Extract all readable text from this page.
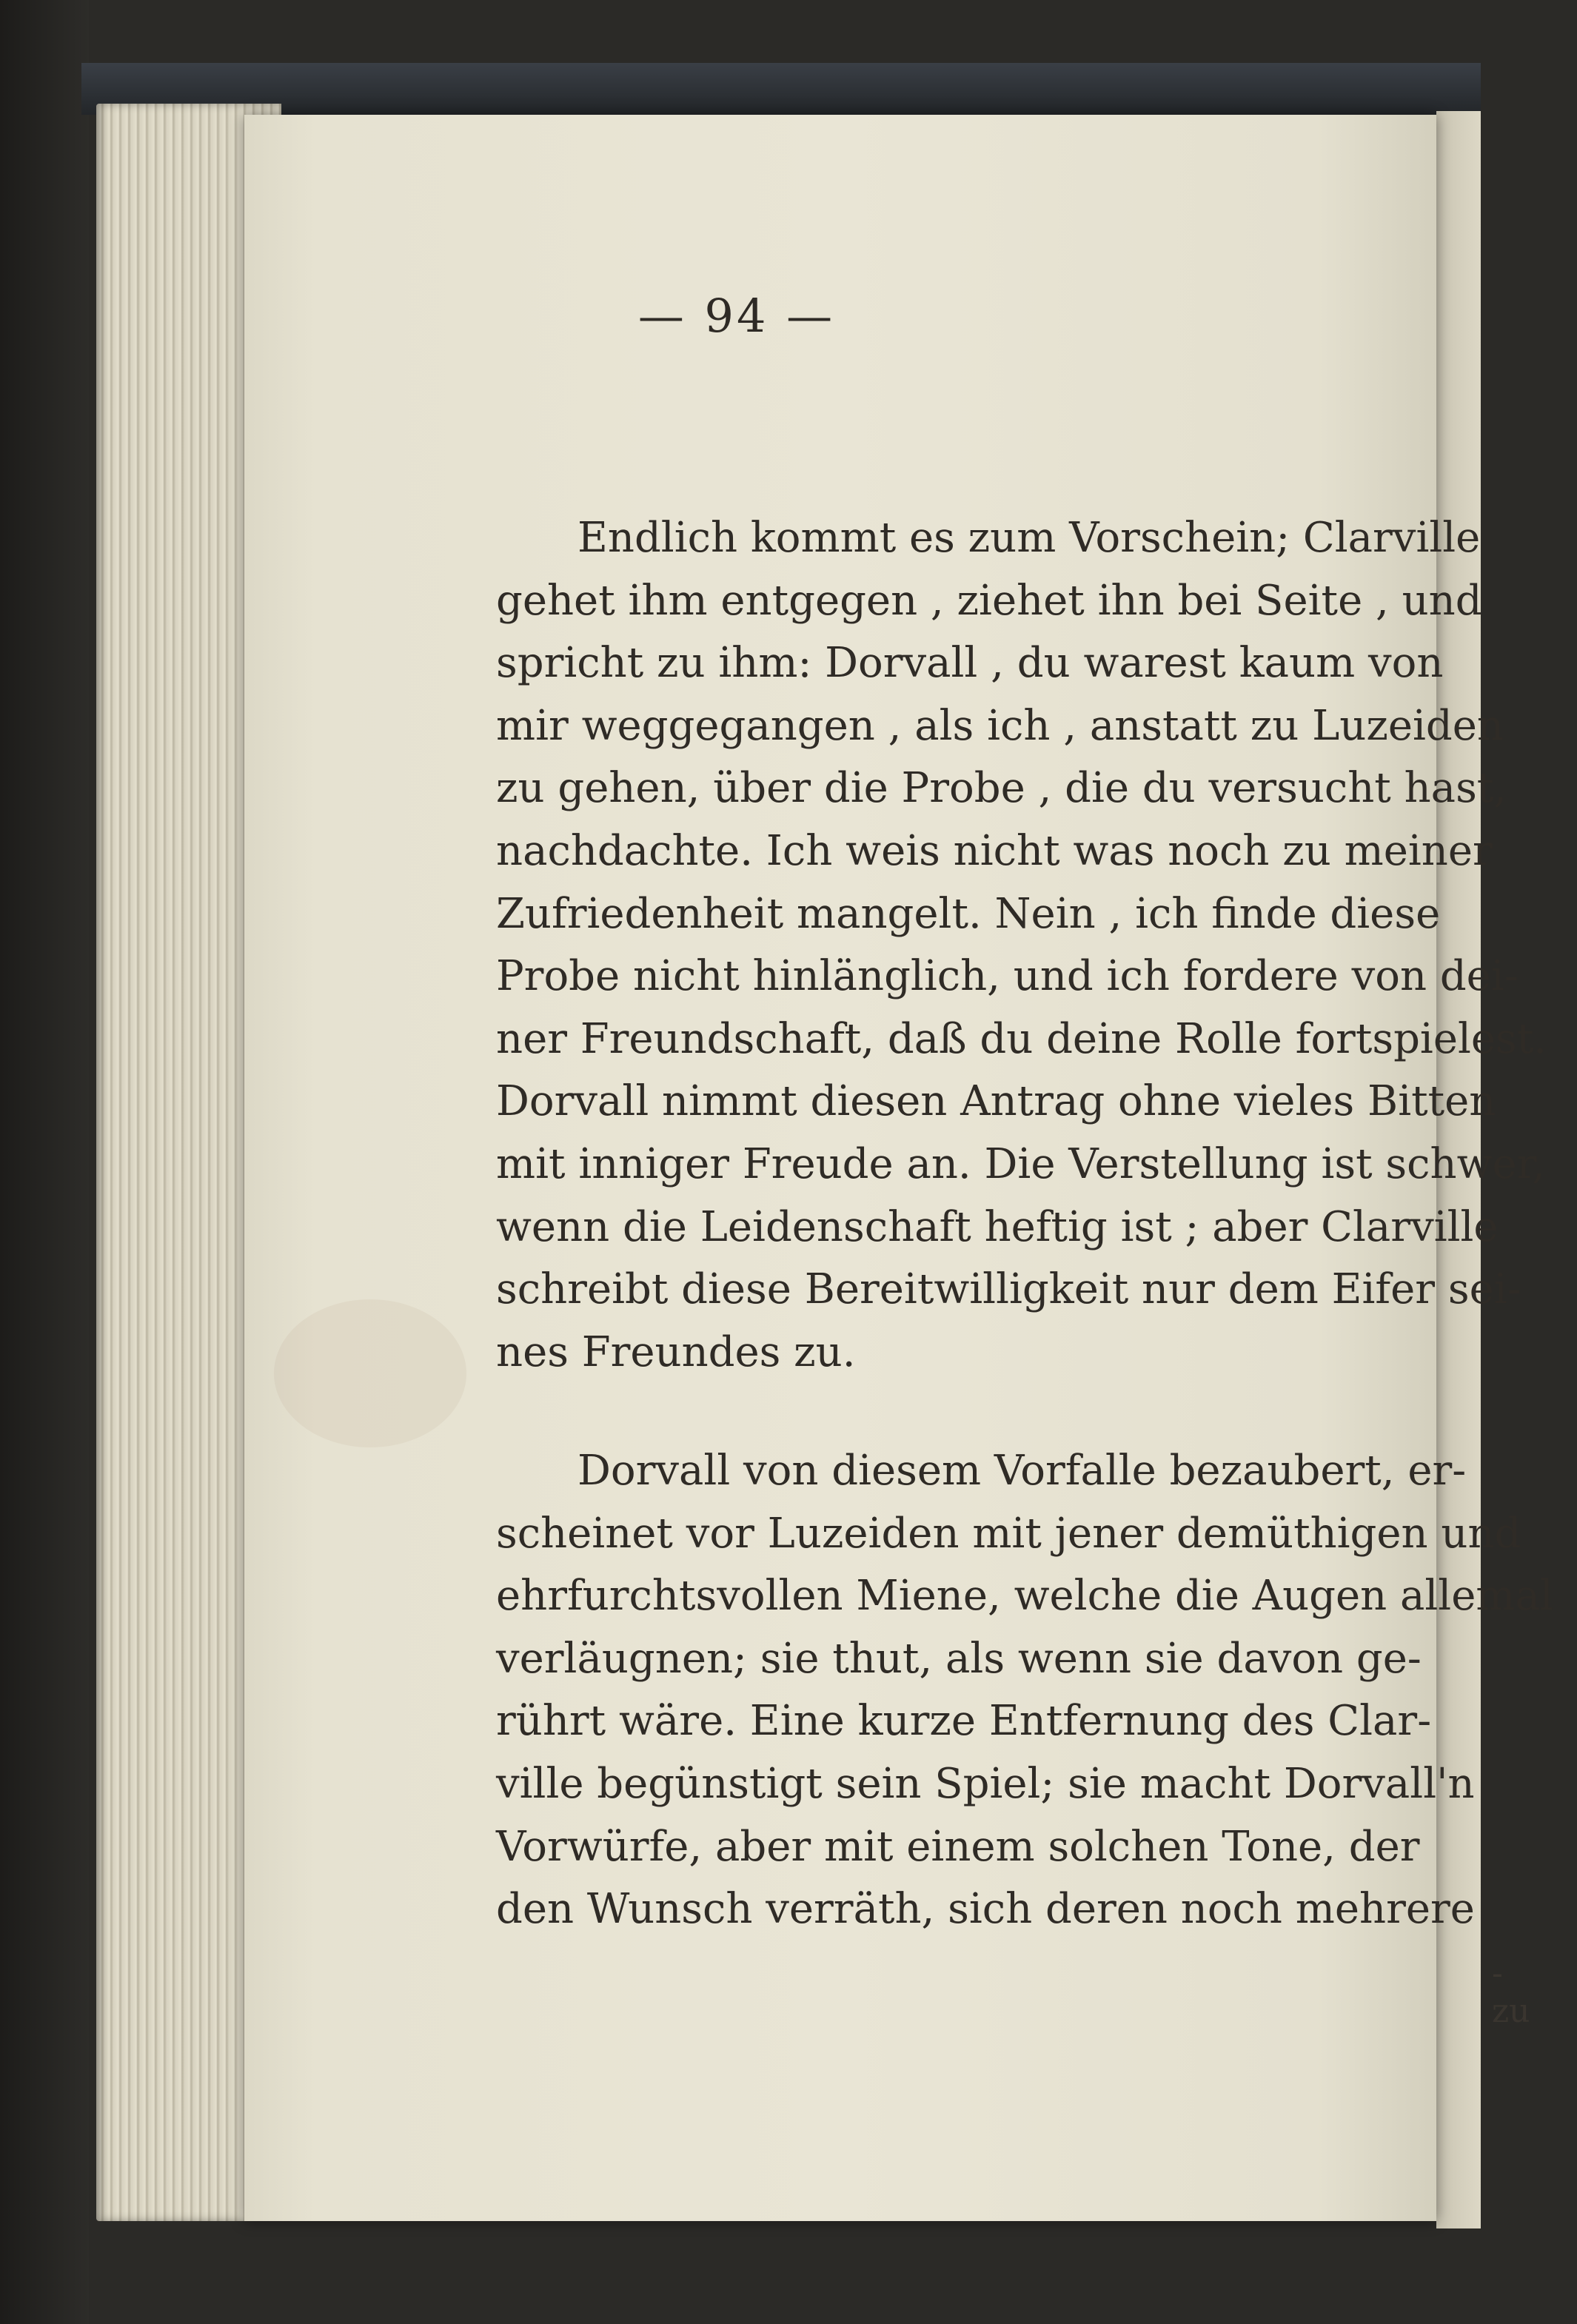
— 94 —
Endlich kommt es zum Vorschein; Clarville
gehet ihm entgegen , ziehet ihn bei Seite , und
spricht zu ihm: Dorvall , du warest kaum von
mir weggegangen , als ich , anstatt zu Luzeiden
zu gehen, über die Probe , die du versucht hast,
nachdachte. Ich weis nicht was noch zu meiner
Zufriedenheit mangelt. Nein , ich finde diese
Probe nicht hinlänglich, und ich fordere von dei-
ner Freundschaft, daß du deine Rolle fortspielest.
Dorvall nimmt diesen Antrag ohne vieles Bitten
mit inniger Freude an. Die Verstellung ist schwer,
wenn die Leidenschaft heftig ist ; aber Clarville
schreibt diese Bereitwilligkeit nur dem Eifer sei-
nes Freundes zu.
Dorvall von diesem Vorfalle bezaubert, er-
scheinet vor Luzeiden mit jener demüthigen und
ehrfurchtsvollen Miene, welche die Augen allemal
verläugnen; sie thut, als wenn sie davon ge-
rührt wäre. Eine kurze Entfernung des Clar-
ville begünstigt sein Spiel; sie macht Dorvall'n
Vorwürfe, aber mit einem solchen Tone, der
den Wunsch verräth, sich deren noch mehrere
-zu
